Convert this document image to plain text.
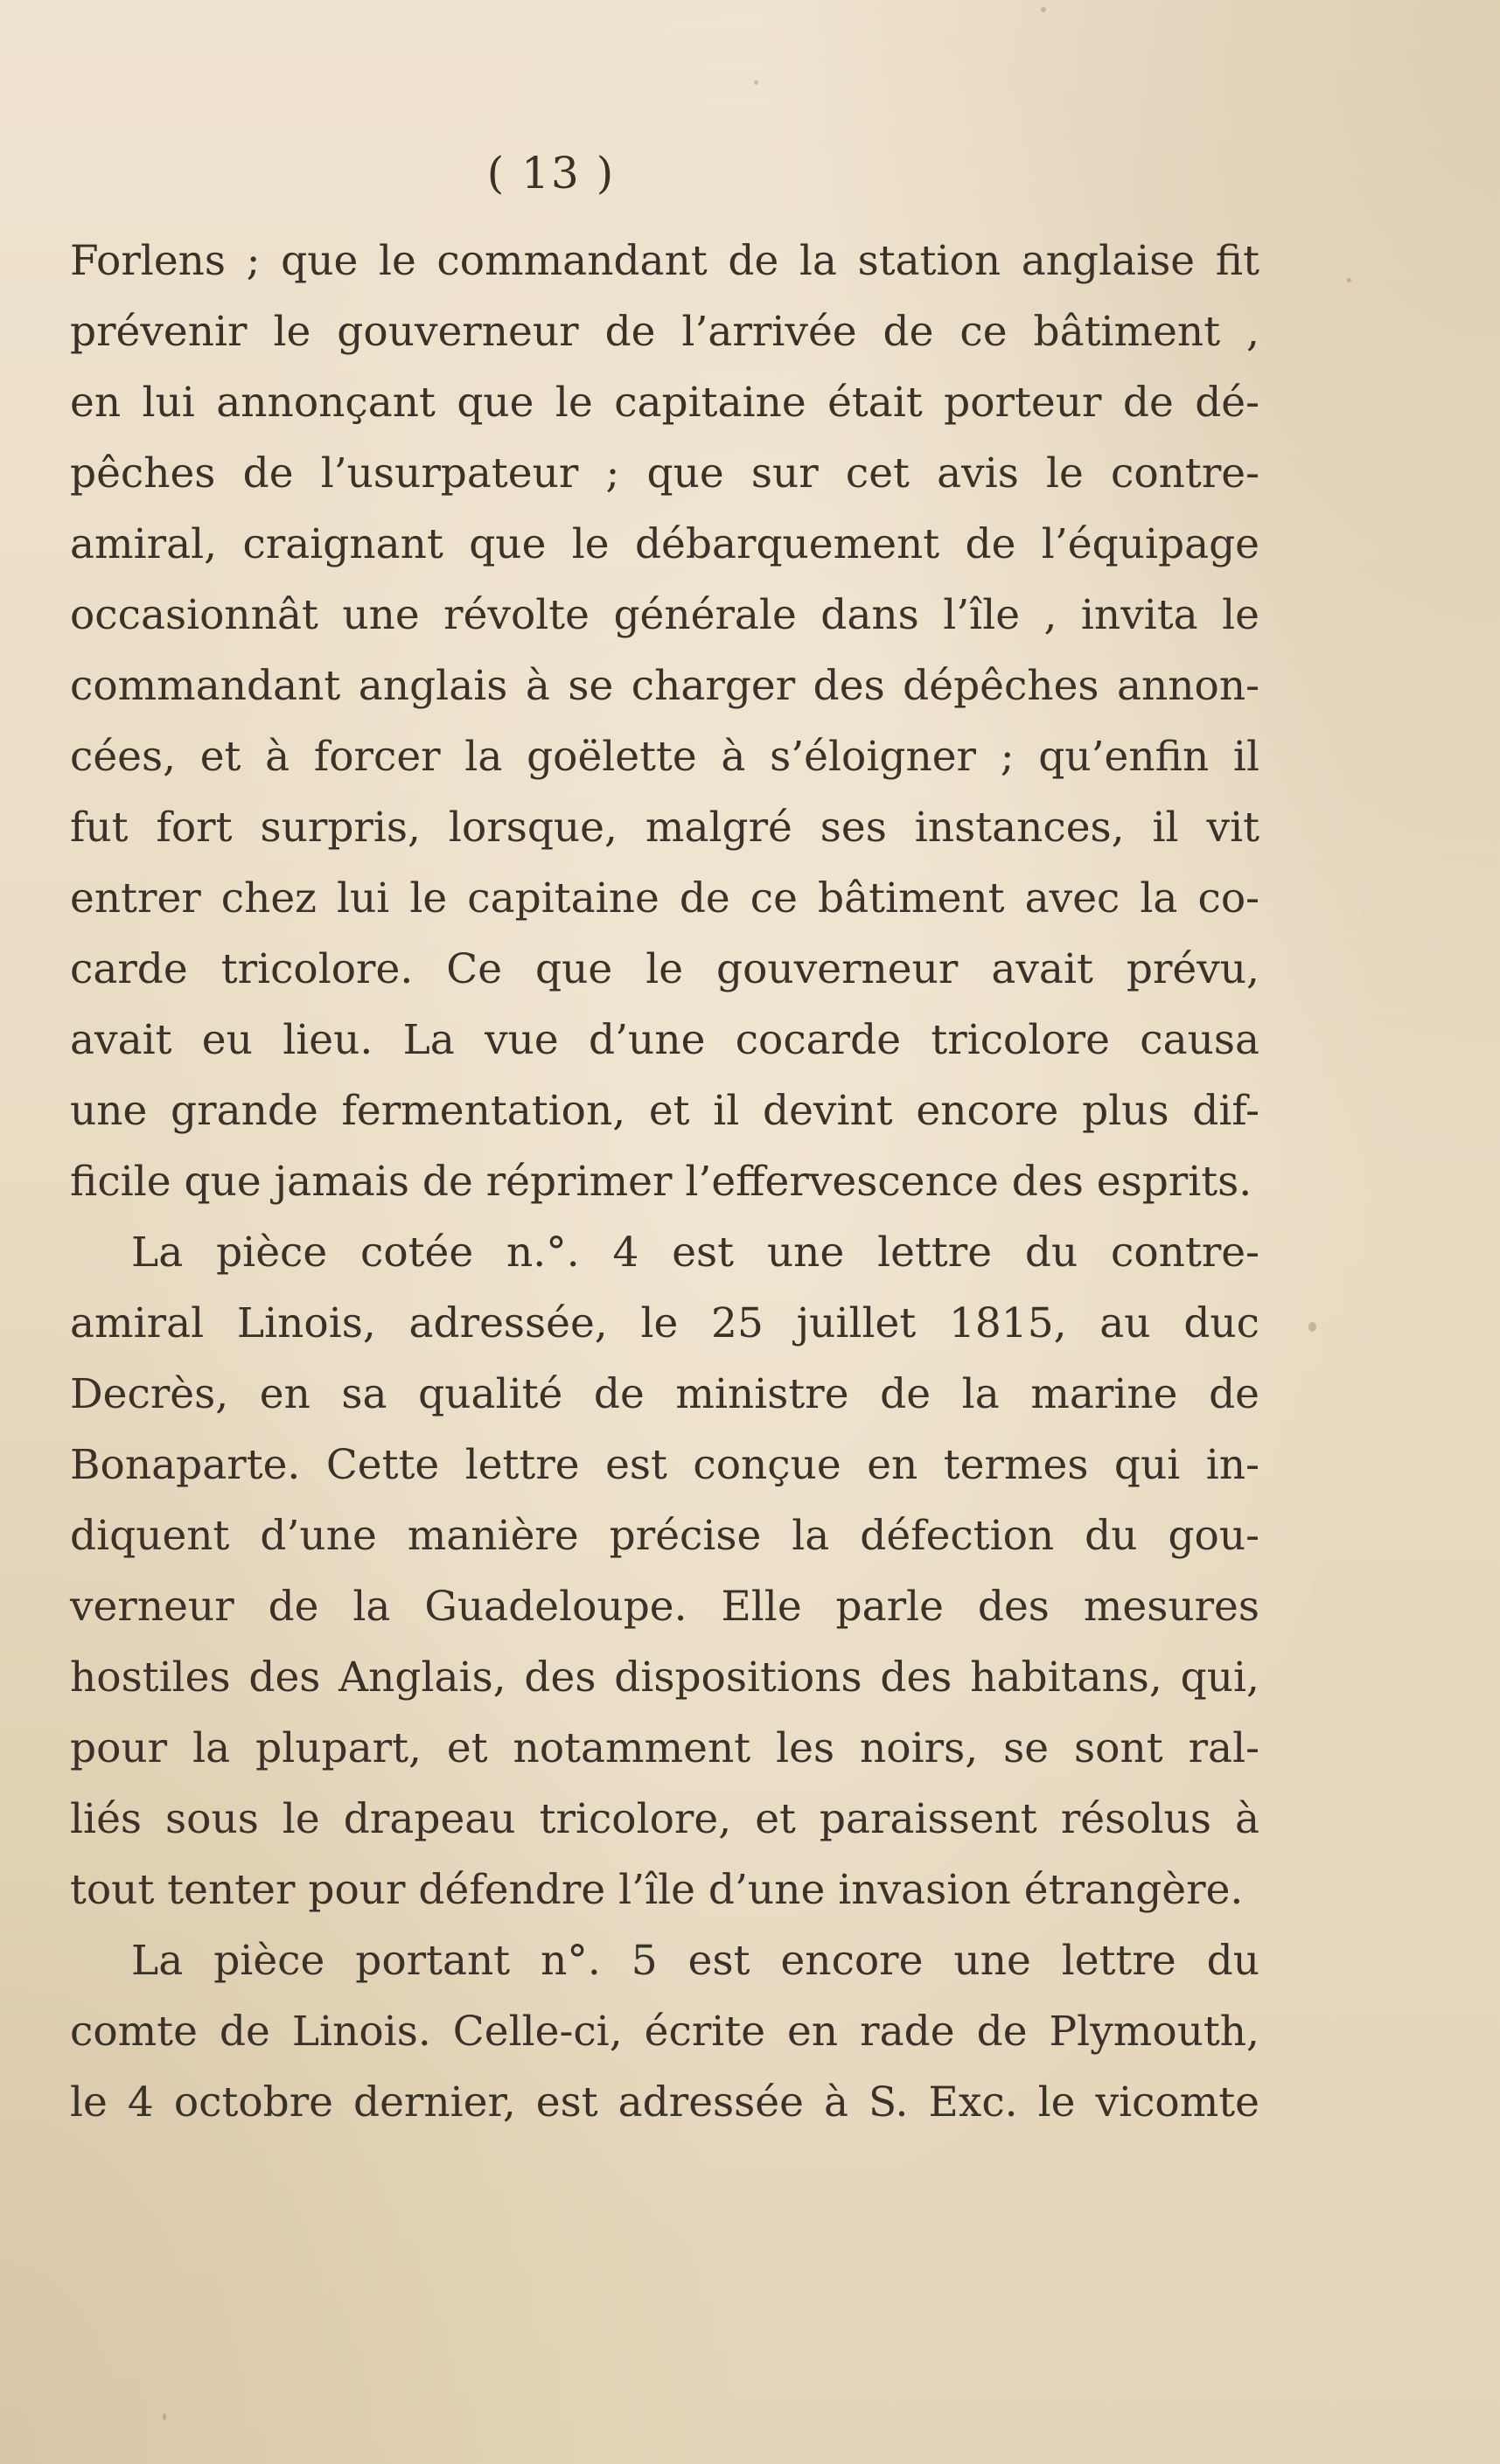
( 13 )
Forlens ; que le commandant de la station anglaise fit
prévenir le gouverneur de l’arrivée de ce bâtiment ,
en lui annonçant que le capitaine était porteur de dé-
pêches de l’usurpateur ; que sur cet avis le contre-
amiral, craignant que le débarquement de l’équipage
occasionnât une révolte générale dans l’île , invita le
commandant anglais à se charger des dépêches annon-
cées, et à forcer la goëlette à s’éloigner ; qu’enfin il
fut fort surpris, lorsque, malgré ses instances, il vit
entrer chez lui le capitaine de ce bâtiment avec la co-
carde tricolore. Ce que le gouverneur avait prévu,
avait eu lieu. La vue d’une cocarde tricolore causa
une grande fermentation, et il devint encore plus dif-
ficile que jamais de réprimer l’effervescence des esprits.
La pièce cotée n.°. 4 est une lettre du contre-
amiral Linois, adressée, le 25 juillet 1815, au duc
Decrès, en sa qualité de ministre de la marine de
Bonaparte. Cette lettre est conçue en termes qui in-
diquent d’une manière précise la défection du gou-
verneur de la Guadeloupe. Elle parle des mesures
hostiles des Anglais, des dispositions des habitans, qui,
pour la plupart, et notamment les noirs, se sont ral-
liés sous le drapeau tricolore, et paraissent résolus à
tout tenter pour défendre l’île d’une invasion étrangère.
La pièce portant n°. 5 est encore une lettre du
comte de Linois. Celle-ci, écrite en rade de Plymouth,
le 4 octobre dernier, est adressée à S. Exc. le vicomte
